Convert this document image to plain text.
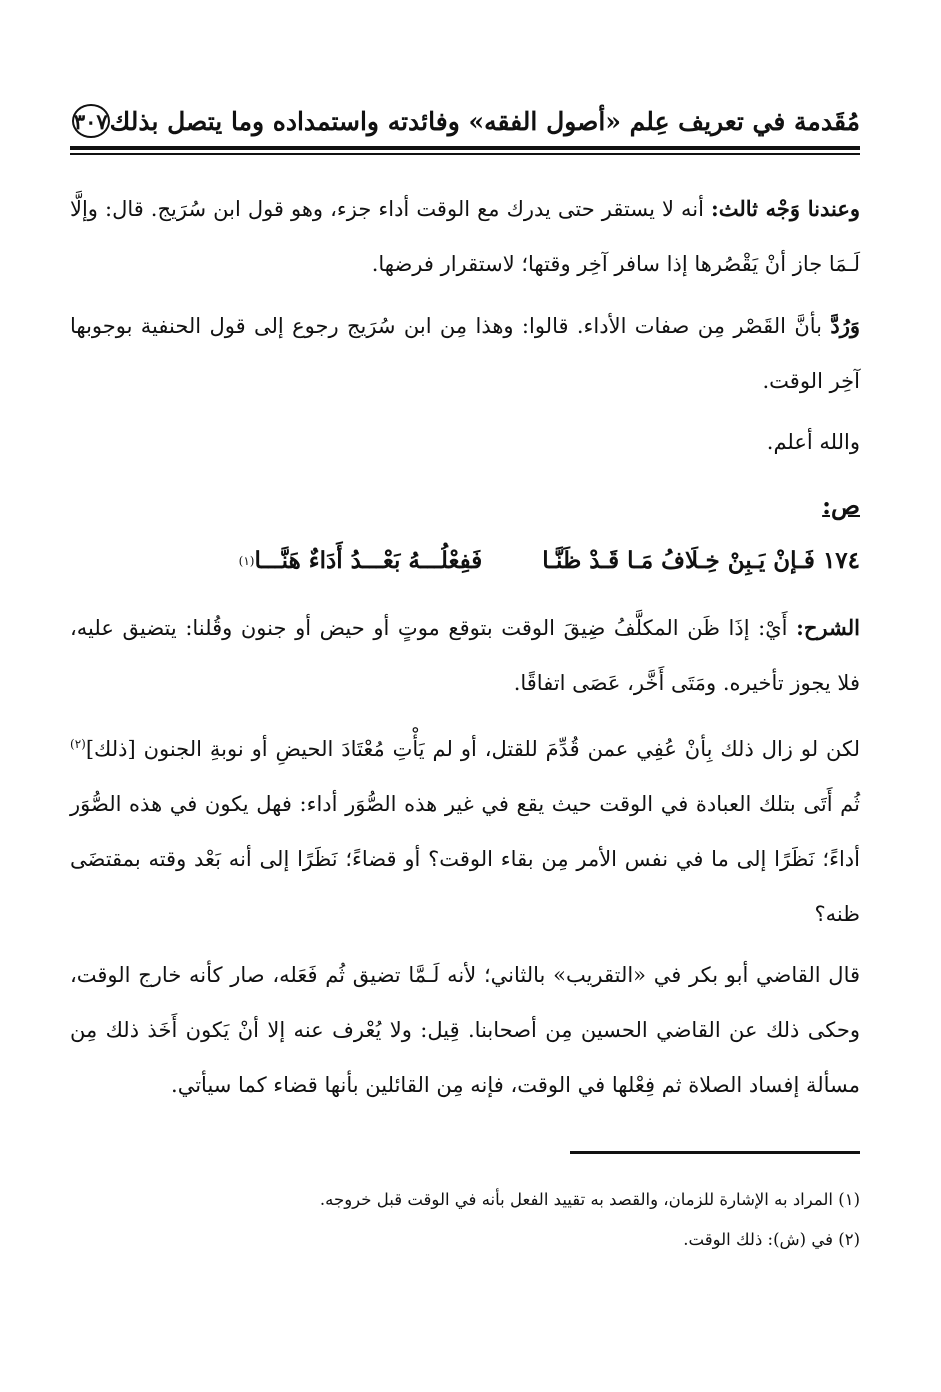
مُقَدمة في تعريف عِلم «أصول الفقه» وفائدته واستمداده وما يتصل بذلك
٣٠٧

وعندنا وَجْه ثالث: أنه لا يستقر حتى يدرك مع الوقت أداء جزء، وهو قول ابن سُرَيج. قال: وإلَّا لَـمَا جاز أنْ يَقْصُرها إذا سافر آخِر وقتها؛ لاستقرار فرضها.

وَرُدَّ بأنَّ القَصْر مِن صفات الأداء. قالوا: وهذا مِن ابن سُرَيج رجوع إلى قول الحنفية بوجوبها آخِر الوقت.

والله أعلم.

ص:

١٧٤
فَـإنْ يَـبِنْ خِـلَافُ مَـا قَـدْ ظَنَّـا
فَفِعْلُـــهُ بَعْـــدُ أَدَاءٌ هَنَّـــا
(١)

الشرح: أَيْ: إذَا ظَن المكلَّفُ ضِيقَ الوقت بتوقع موتٍ أو حيض أو جنون وقُلنا: يتضيق عليه، فلا يجوز تأخيره. ومَتَى أَخَّر، عَصَى اتفاقًا.

لكن لو زال ذلك بِأنْ عُفِي عمن قُدِّمَ للقتل، أو لم يَأْتِ مُعْتَادَ الحيضِ أو نوبةِ الجنون [ذلك]$^{(٢)}$ ثُم أَتَى بتلك العبادة في الوقت حيث يقع في غير هذه الصُّوَر أداء: فهل يكون في هذه الصُّوَر أداءً؛ نَظَرًا إلى ما في نفس الأمر مِن بقاء الوقت؟ أو قضاءً؛ نَظَرًا إلى أنه بَعْد وقته بمقتضَى ظنه؟

قال القاضي أبو بكر في «التقريب» بالثاني؛ لأنه لَـمَّا تضيق ثُم فَعَله، صار كأنه خارج الوقت، وحكى ذلك عن القاضي الحسين مِن أصحابنا. قِيل: ولا يُعْرف عنه إلا أنْ يَكون أَخَذ ذلك مِن مسألة إفساد الصلاة ثم فِعْلها في الوقت، فإنه مِن القائلين بأنها قضاء كما سيأتي.

(١) المراد به الإشارة للزمان، والقصد به تقييد الفعل بأنه في الوقت قبل خروجه.
(٢) في (ش): ذلك الوقت.
